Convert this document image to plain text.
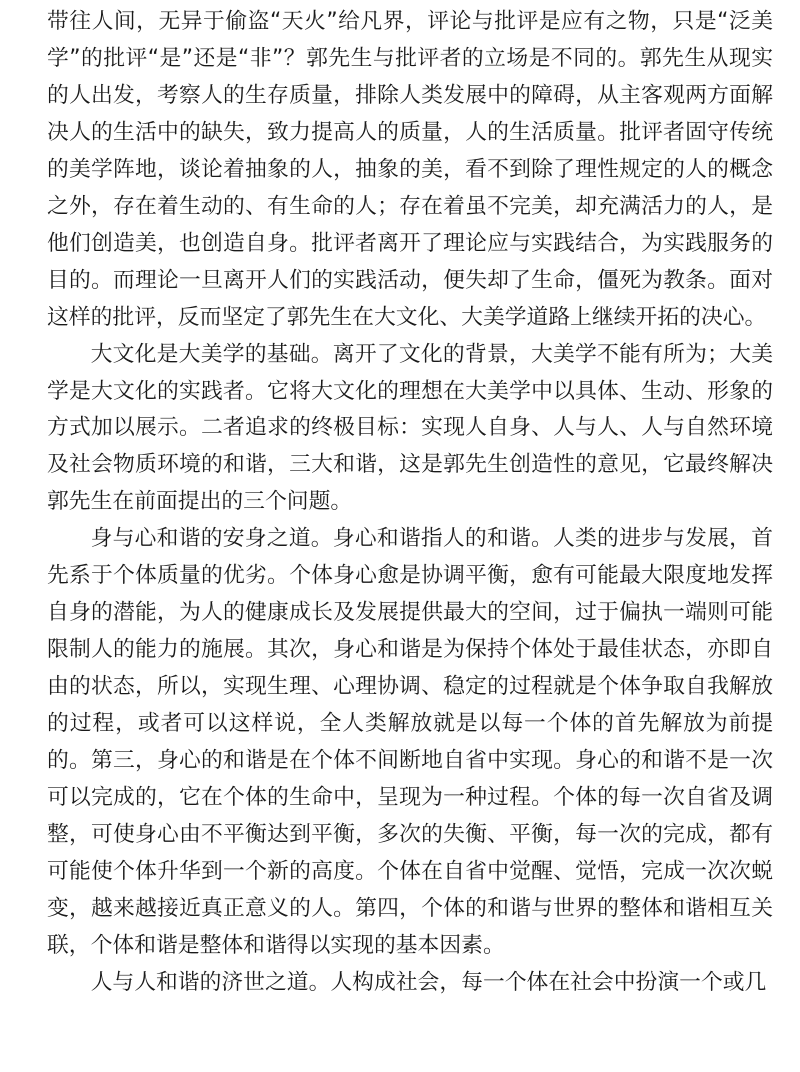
带往人间，无异于偷盗“天火”给凡界，评论与批评是应有之物，只是“泛美学”的批评“是”还是“非”？郭先生与批评者的立场是不同的。郭先生从现实的人出发，考察人的生存质量，排除人类发展中的障碍，从主客观两方面解决人的生活中的缺失，致力提高人的质量，人的生活质量。批评者固守传统的美学阵地，谈论着抽象的人，抽象的美，看不到除了理性规定的人的概念之外，存在着生动的、有生命的人；存在着虽不完美，却充满活力的人，是他们创造美，也创造自身。批评者离开了理论应与实践结合，为实践服务的目的。而理论一旦离开人们的实践活动，便失却了生命，僵死为教条。面对这样的批评，反而坚定了郭先生在大文化、大美学道路上继续开拓的决心。

大文化是大美学的基础。离开了文化的背景，大美学不能有所为；大美学是大文化的实践者。它将大文化的理想在大美学中以具体、生动、形象的方式加以展示。二者追求的终极目标：实现人自身、人与人、人与自然环境及社会物质环境的和谐，三大和谐，这是郭先生创造性的意见，它最终解决郭先生在前面提出的三个问题。

身与心和谐的安身之道。身心和谐指人的和谐。人类的进步与发展，首先系于个体质量的优劣。个体身心愈是协调平衡，愈有可能最大限度地发挥自身的潜能，为人的健康成长及发展提供最大的空间，过于偏执一端则可能限制人的能力的施展。其次，身心和谐是为保持个体处于最佳状态，亦即自由的状态，所以，实现生理、心理协调、稳定的过程就是个体争取自我解放的过程，或者可以这样说，全人类解放就是以每一个体的首先解放为前提的。第三，身心的和谐是在个体不间断地自省中实现。身心的和谐不是一次可以完成的，它在个体的生命中，呈现为一种过程。个体的每一次自省及调整，可使身心由不平衡达到平衡，多次的失衡、平衡，每一次的完成，都有可能使个体升华到一个新的高度。个体在自省中觉醒、觉悟，完成一次次蜕变，越来越接近真正意义的人。第四，个体的和谐与世界的整体和谐相互关联，个体和谐是整体和谐得以实现的基本因素。

人与人和谐的济世之道。人构成社会，每一个体在社会中扮演一个或几
